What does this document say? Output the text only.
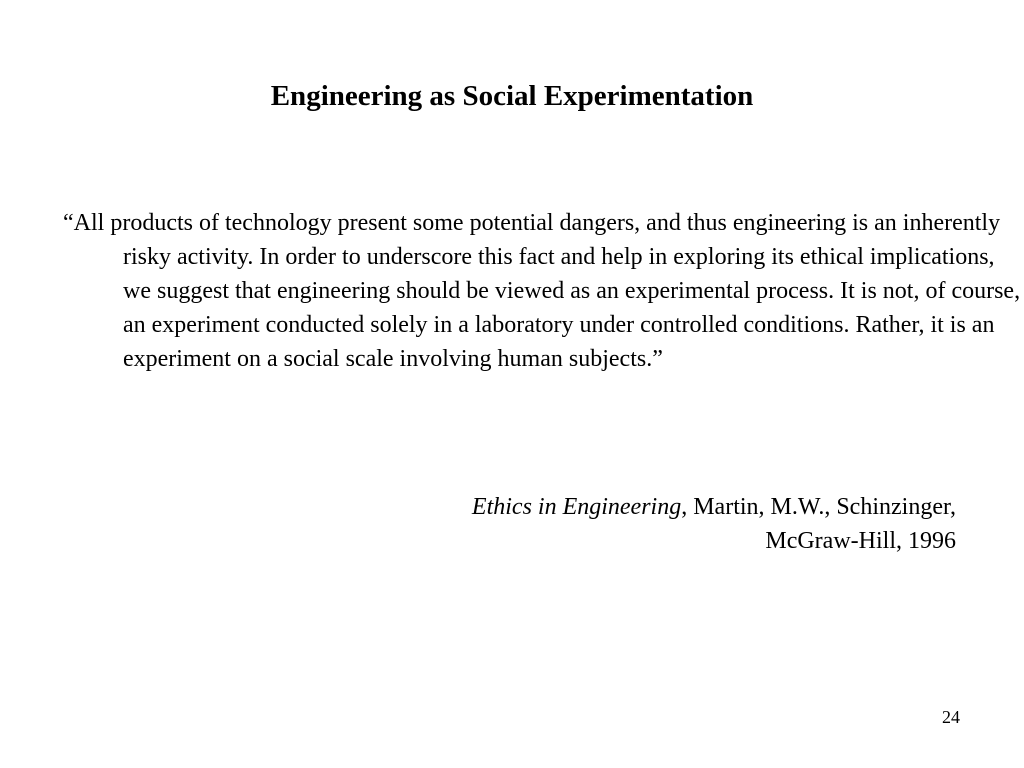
Engineering as Social Experimentation

“All products of technology present some potential dangers, and thus engineering is an inherently risky activity. In order to underscore this fact and help in exploring its ethical implications, we suggest that engineering should be viewed as an experimental process. It is not, of course, an experiment conducted solely in a laboratory under controlled conditions. Rather, it is an experiment on a social scale involving human subjects.”

Ethics in Engineering, Martin, M.W., Schinzinger,
McGraw-Hill, 1996

24
